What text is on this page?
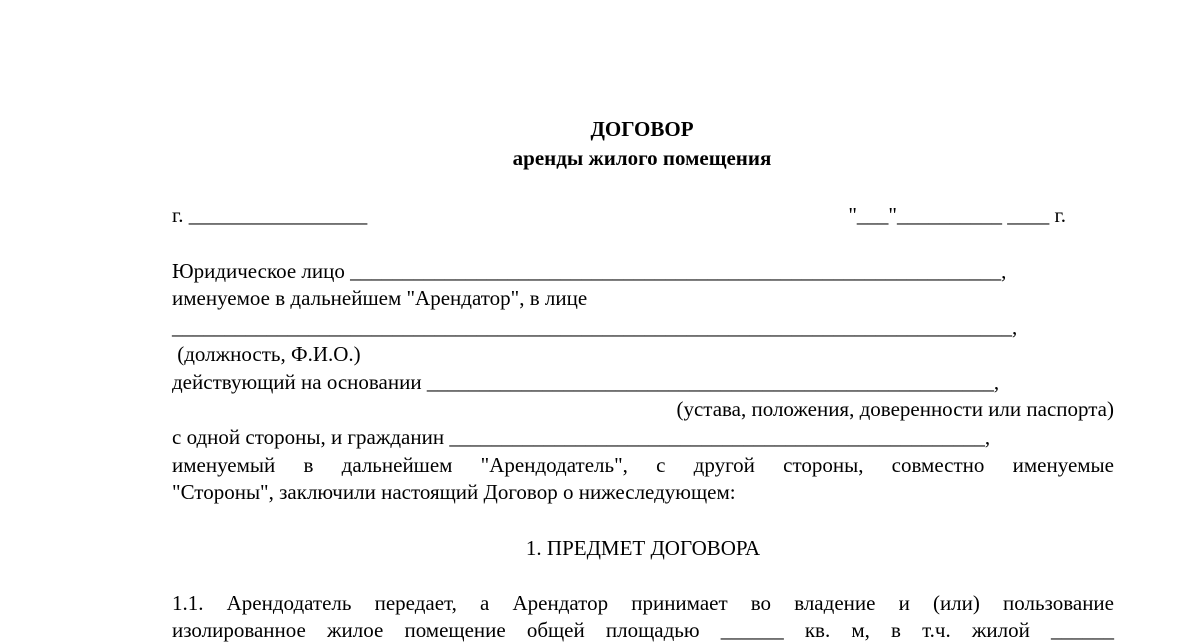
ДОГОВОР

аренды жилого помещения

г. _________________	"___"__________ ____ г.

Юридическое лицо ______________________________________________________________,

именуемое в дальнейшем "Арендатор", в лице

________________________________________________________________________________,

(должность, Ф.И.О.)

действующий на основании ______________________________________________________,

(устава, положения, доверенности или паспорта)

с одной стороны, и гражданин ___________________________________________________,

именуемый в дальнейшем "Арендодатель", с другой стороны, совместно именуемые

"Стороны", заключили настоящий Договор о нижеследующем:

1. ПРЕДМЕТ ДОГОВОРА

1.1. Арендодатель передает, а Арендатор принимает во владение и (или) пользование

изолированное жилое помещение общей площадью ______ кв. м, в т.ч. жилой ______
